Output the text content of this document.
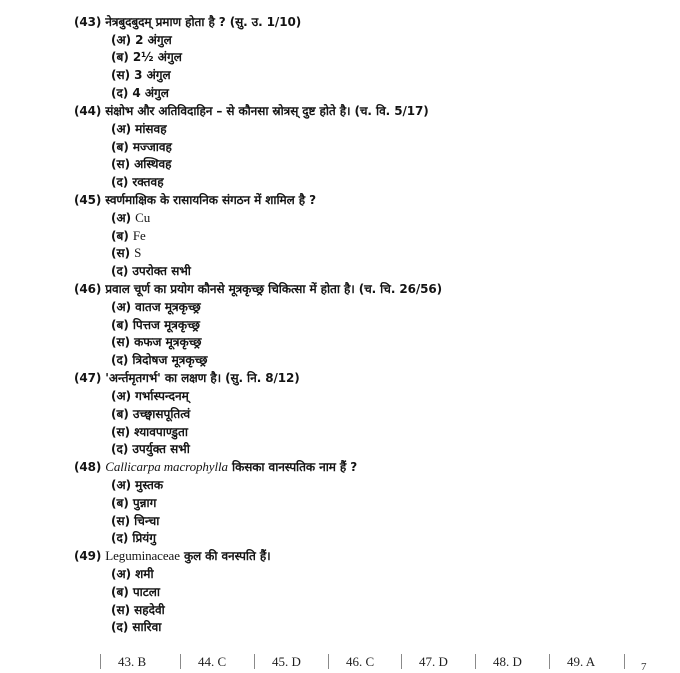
(43) नेत्रबुदबुदम् प्रमाण होता है ? (सु. उ. 1/10)
(अ) 2 अंगुल
(ब) 2½ अंगुल
(स) 3 अंगुल
(द) 4 अंगुल
(44) संक्षोभ और अतिविदाहिन – से कौनसा स्रोत्रस् दुष्ट होते है। (च. वि. 5/17)
(अ) मांसवह
(ब) मज्जावह
(स) अस्थिवह
(द) रक्तवह
(45) स्वर्णमाक्षिक के रासायनिक संगठन में शामिल है ?
(अ) Cu
(ब) Fe
(स) S
(द) उपरोक्त सभी
(46) प्रवाल चूर्ण का प्रयोग कौनसे मूत्रकृच्छ्र चिकित्सा में होता है। (च. चि. 26/56)
(अ) वातज मूत्रकृच्छ्र
(ब) पित्तज मूत्रकृच्छ्र
(स) कफज मूत्रकृच्छ्र
(द) त्रिदोषज मूत्रकृच्छ्र
(47) 'अर्न्तमृतगर्भ' का लक्षण है। (सु. नि. 8/12)
(अ) गर्भास्पन्दनम्
(ब) उच्छ्वासपूतित्वं
(स) श्यावपाण्डुता
(द) उपर्युक्त सभी
(48) Callicarpa macrophylla किसका वानस्पतिक नाम हैं ?
(अ) मुस्तक
(ब) पुन्नाग
(स) चिन्चा
(द) प्रियंगु
(49) Leguminaceae कुल की वनस्पति हैं।
(अ) शमी
(ब) पाटला
(स) सहदेवी
(द) सारिवा
43. B	44. C	45. D	46. C	47. D	48. D	49. A	7
